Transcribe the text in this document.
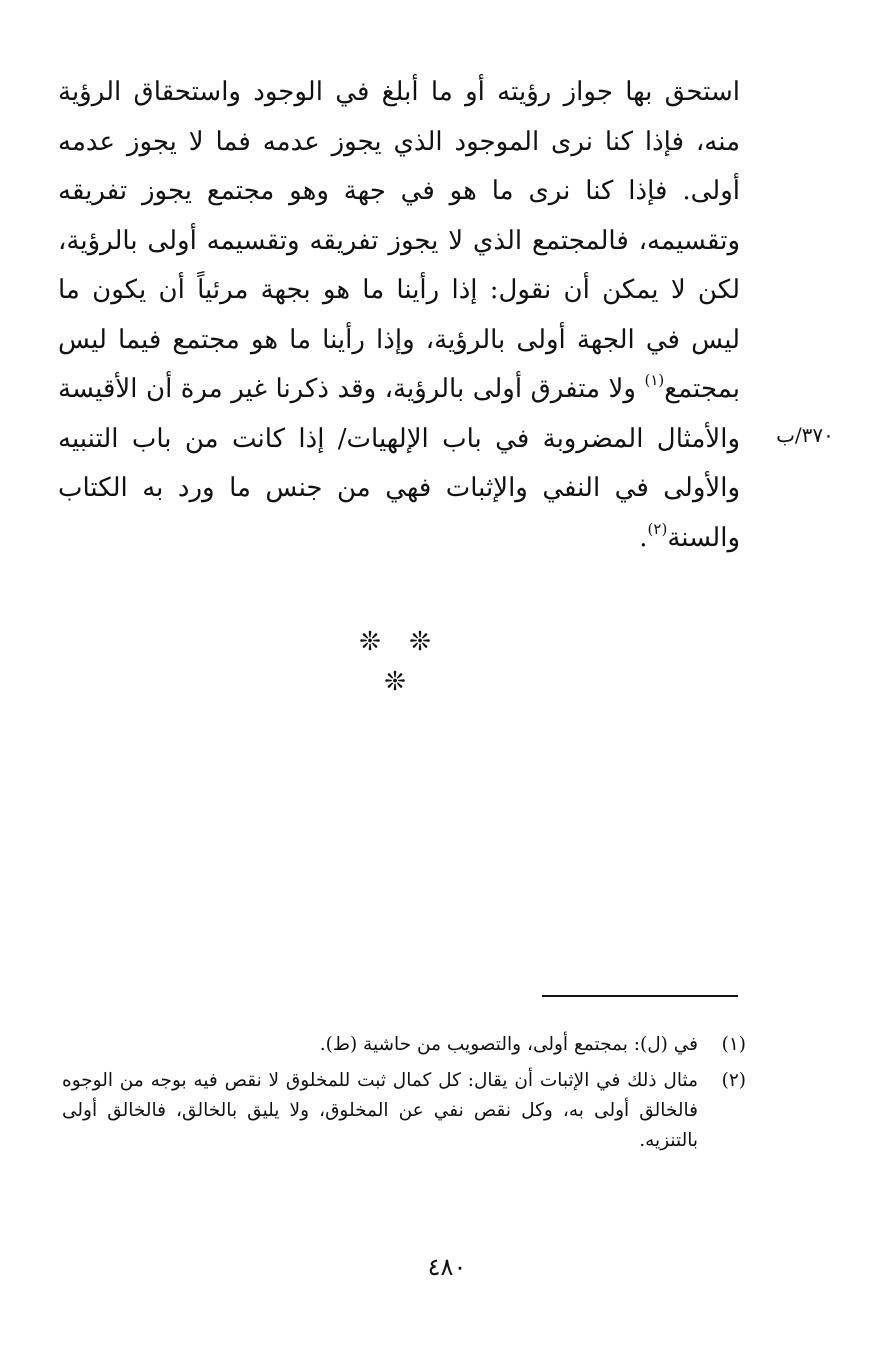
استحق بها جواز رؤيته أو ما أبلغ في الوجود واستحقاق الرؤية منه، فإذا كنا نرى الموجود الذي يجوز عدمه فما لا يجوز عدمه أولى. فإذا كنا نرى ما هو في جهة وهو مجتمع يجوز تفريقه وتقسيمه، فالمجتمع الذي لا يجوز تفريقه وتقسيمه أولى بالرؤية، لكن لا يمكن أن نقول: إذا رأينا ما هو بجهة مرئياً أن يكون ما ليس في الجهة أولى بالرؤية، وإذا رأينا ما هو مجتمع فيما ليس بمجتمع$^{(١)}$ ولا متفرق أولى بالرؤية، وقد ذكرنا غير مرة أن الأقيسة والأمثال المضروبة في باب الإلهيات/ إذا كانت من باب التنبيه والأولى في النفي والإثبات فهي من جنس ما ورد به الكتاب والسنة$^{(٢)}$.

٣٧٠/ب
❊ ❊ ❊
(١)
في (ل): بمجتمع أولى، والتصويب من حاشية (ط).
(٢)
مثال ذلك في الإثبات أن يقال: كل كمال ثبت للمخلوق لا نقص فيه بوجه من الوجوه فالخالق أولى به، وكل نقص نفي عن المخلوق، ولا يليق بالخالق، فالخالق أولى بالتنزيه.
٤٨٠
